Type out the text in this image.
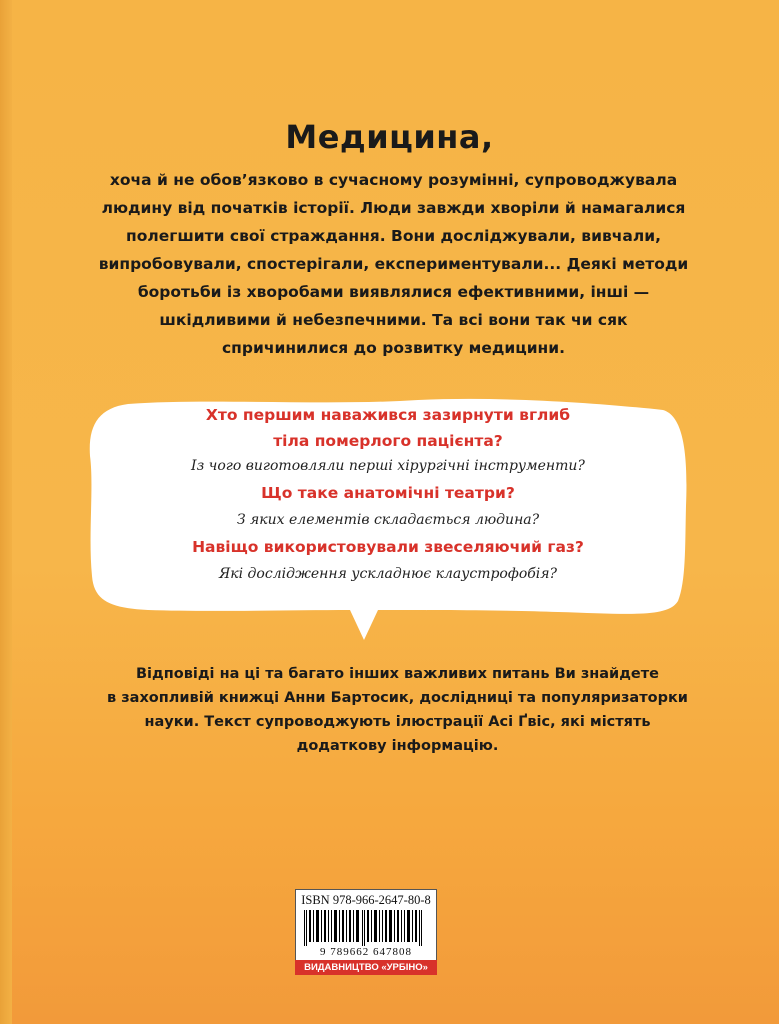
Медицина,
хоча й не обов’язково в сучасному розумінні, супроводжувала
людину від початків історії. Люди завжди хворіли й намагалися
полегшити свої страждання. Вони досліджували, вивчали,
випробовували, спостерігали, експериментували... Деякі методи
боротьби із хворобами виявлялися ефективними, інші —
шкідливими й небезпечними. Та всі вони так чи сяк
спричинилися до розвитку медицини.
Хто першим наважився зазирнути вглиб
тіла померлого пацієнта?
Із чого виготовляли перші хірургічні інструменти?
Що таке анатомічні театри?
З яких елементів складається людина?
Навіщо використовували звеселяючий газ?
Які дослідження ускладнює клаустрофобія?
Відповіді на ці та багато інших важливих питань Ви знайдете
в захопливій книжці Анни Бартосик, дослідниці та популяризаторки
науки. Текст супроводжують ілюстрації Асі Ґвіс, які містять
додаткову інформацію.
ISBN 978-966-2647-80-8
9 789662 647808
ВИДАВНИЦТВО «УРБІНО»
